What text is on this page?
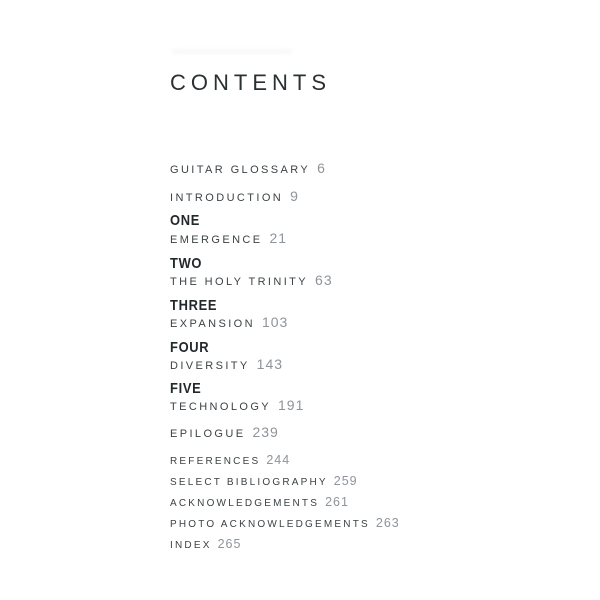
CONTENTS
GUITAR GLOSSARY 6
INTRODUCTION 9
ONE
EMERGENCE 21
TWO
THE HOLY TRINITY 63
THREE
EXPANSION 103
FOUR
DIVERSITY 143
FIVE
TECHNOLOGY 191
EPILOGUE 239
REFERENCES 244
SELECT BIBLIOGRAPHY 259
ACKNOWLEDGEMENTS 261
PHOTO ACKNOWLEDGEMENTS 263
INDEX 265
